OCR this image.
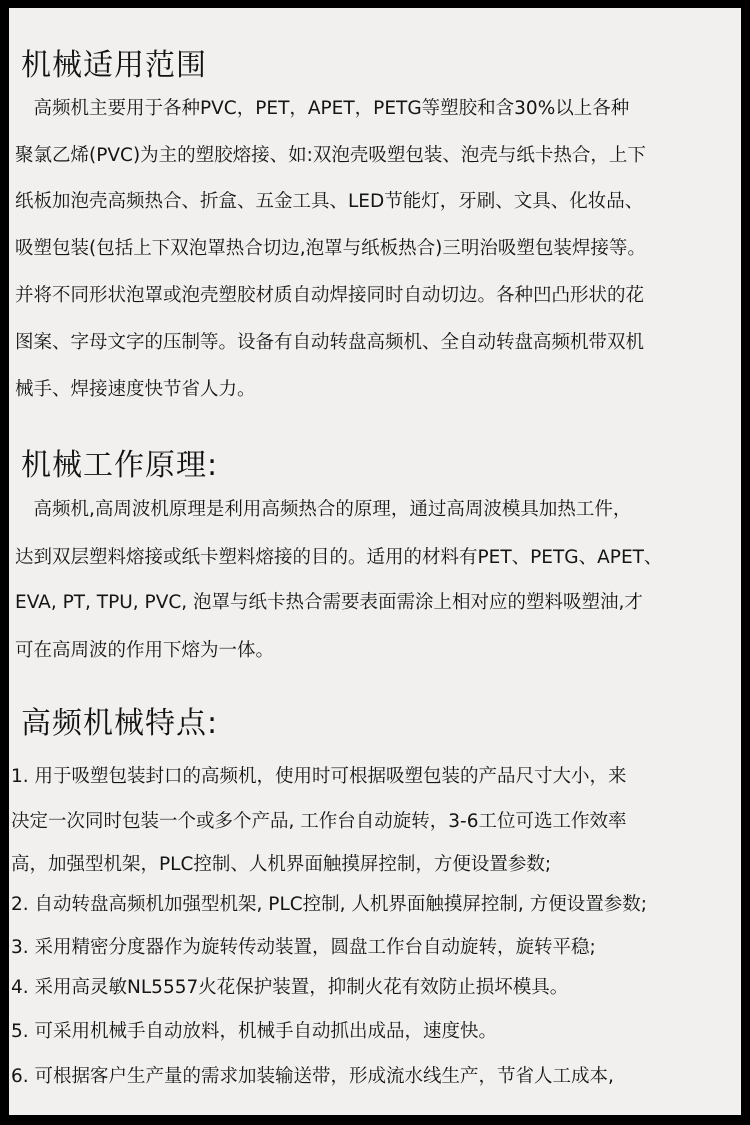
机械适用范围
　高频机主要用于各种PVC，PET，APET，PETG等塑胶和含30%以上各种
聚氯乙烯(PVC)为主的塑胶熔接、如:双泡壳吸塑包装、泡壳与纸卡热合，上下
纸板加泡壳高频热合、折盒、五金工具、LED节能灯，牙刷、文具、化妆品、
吸塑包装(包括上下双泡罩热合切边,泡罩与纸板热合)三明治吸塑包装焊接等。
并将不同形状泡罩或泡壳塑胶材质自动焊接同时自动切边。各种凹凸形状的花
图案、字母文字的压制等。设备有自动转盘高频机、全自动转盘高频机带双机
械手、焊接速度快节省人力。
机械工作原理:
　高频机,高周波机原理是利用高频热合的原理，通过高周波模具加热工件，
达到双层塑料熔接或纸卡塑料熔接的目的。适用的材料有PET、PETG、APET、
EVA, PT, TPU, PVC, 泡罩与纸卡热合需要表面需涂上相对应的塑料吸塑油,才
可在高周波的作用下熔为一体。
高频机械特点:
1. 用于吸塑包装封口的高频机，使用时可根据吸塑包装的产品尺寸大小，来
决定一次同时包装一个或多个产品, 工作台自动旋转，3-6工位可选工作效率
高，加强型机架，PLC控制、人机界面触摸屏控制，方便设置参数;
2. 自动转盘高频机加强型机架, PLC控制, 人机界面触摸屏控制, 方便设置参数;
3. 采用精密分度器作为旋转传动装置，圆盘工作台自动旋转，旋转平稳;
4. 采用高灵敏NL5557火花保护装置，抑制火花有效防止损坏模具。
5. 可采用机械手自动放料，机械手自动抓出成品，速度快。
6. 可根据客户生产量的需求加装输送带，形成流水线生产，节省人工成本,
